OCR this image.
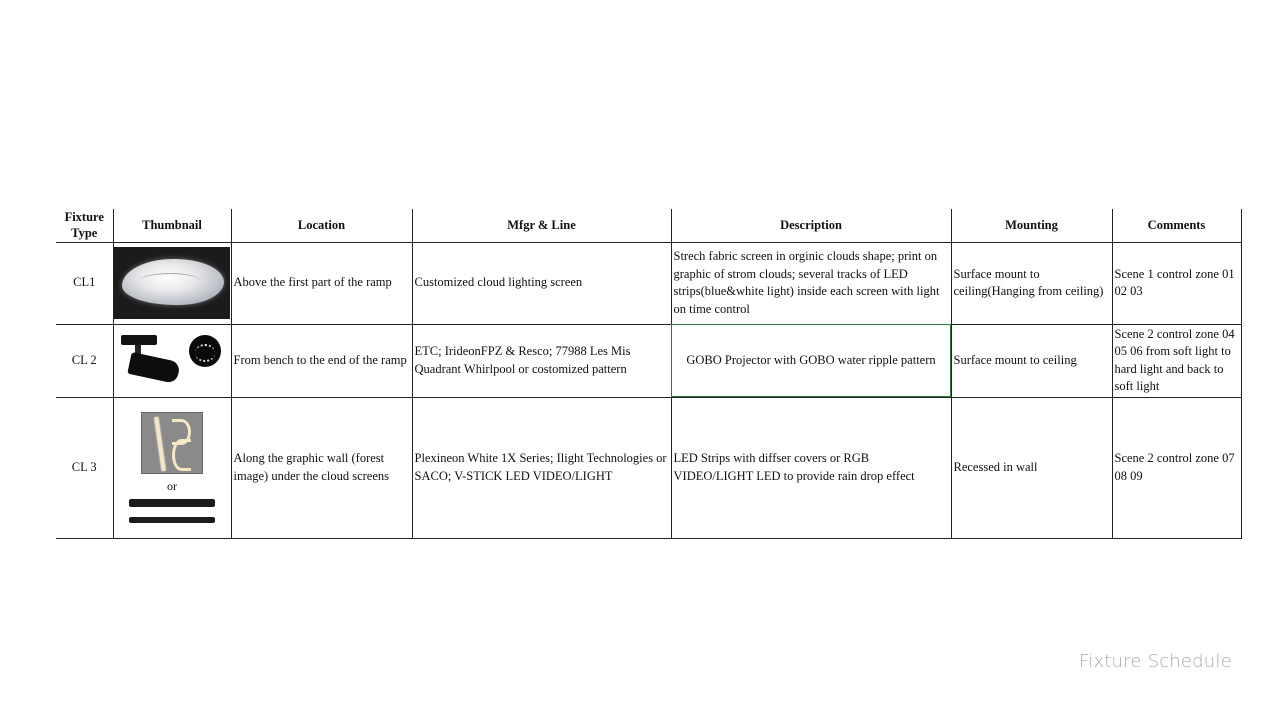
Fixture Type	Thumbnail	Location	Mfgr & Line	Description	Mounting	Comments
CL1		Above the first part of the ramp	Customized cloud lighting screen	Strech fabric screen in orginic clouds shape; print on graphic of strom clouds; several tracks of LED strips(blue&white light) inside each screen with light on time control	Surface mount to ceiling(Hanging from ceiling)	Scene 1 control zone 01 02 03
CL 2		From bench to the end of the ramp	ETC; IrideonFPZ & Resco; 77988 Les Mis Quadrant Whirlpool or costomized pattern	GOBO Projector with GOBO water ripple pattern	Surface mount to ceiling	Scene 2 control zone 04 05 06 from soft light to hard light and back to soft light
CL 3	or	Along the graphic wall (forest image) under the cloud screens	Plexineon White 1X Series; Ilight Technologies or SACO; V-STICK LED VIDEO/LIGHT	LED Strips with diffser covers or RGB VIDEO/LIGHT LED to provide rain drop effect	Recessed in wall	Scene 2 control zone 07 08 09
Fixture Schedule
